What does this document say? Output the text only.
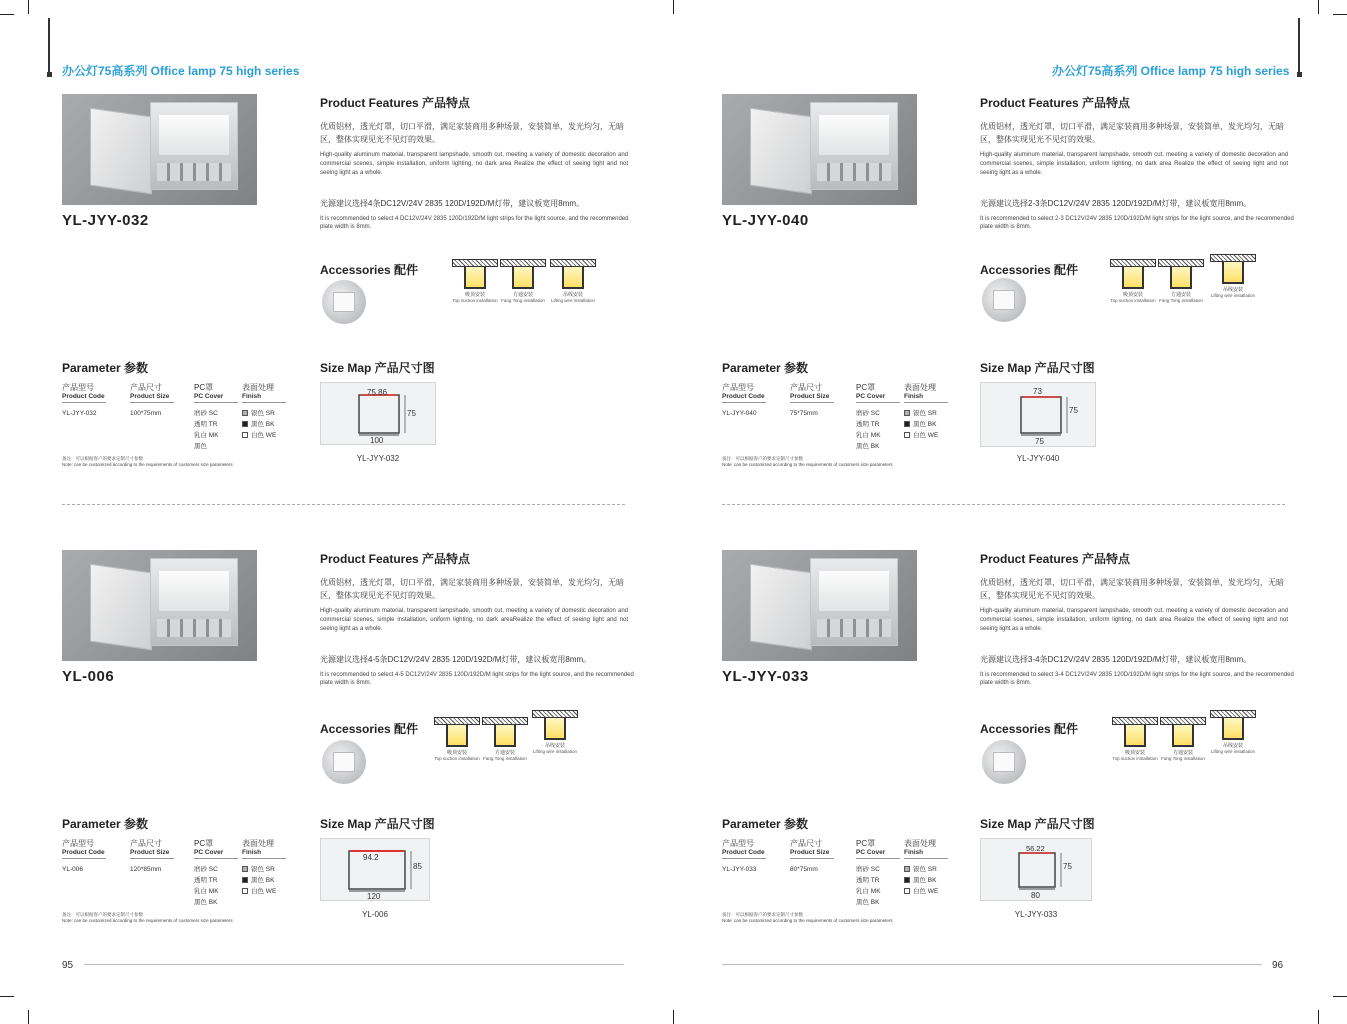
办公灯75高系列 Office lamp 75 high series
YL-JYY-032
Product Features 产品特点
优质铝材，透光灯罩，切口平滑，满足家装商用多种场景，安装简单，发光均匀，无暗区，整体实现见光不见灯的效果。
High-quality aluminum material, transparent lampshade, smooth cut, meeting a variety of domestic decoration and commercial scenes, simple installation, uniform lighting, no dark area Realize the effect of seeing light and not seeing light as a whole.
光源建议选择4条DC12V/24V 2835 120D/192D/M灯带，建议板宽用8mm。
It is recommended to select 4 DC12V/24V 2835 120D/192D/M light strips for the light source, and the recommended plate width is 8mm.
Accessories 配件
吸顶安装
Top suction installation
方通安装
Fang Tong installation
吊线安装
Lifting wire installation
Parameter 参数
产品型号
Product Code
YL-JYY-032
产品尺寸
Product Size
100*75mm
PC罩
PC Cover
磨砂 SC
透明 TR
乳白 MK
黑色
表面处理
Finish
银色 SR
黑色 BK
白色 WE
备注：可以根据客户的要求定制尺寸参数
Note: can be customized according to the requirements of customers size parameters
Size Map 产品尺寸图
75.86
75
100
YL-JYY-032
YL-006
Product Features 产品特点
优质铝材，透光灯罩，切口平滑，满足家装商用多种场景，安装简单，发光均匀，无暗区，整体实现见光不见灯的效果。
High-quality aluminum material, transparent lampshade, smooth cut, meeting a variety of domestic decoration and commercial scenes, simple installation, uniform lighting, no dark areaRealize the effect of seeing light and not seeing light as a whole.
光源建议选择4-5条DC12V/24V 2835 120D/192D/M灯带，建议板宽用8mm。
It is recommended to select 4-5 DC12V/24V 2835 120D/192D/M light strips for the light source, and the recommended plate width is 8mm.
Accessories 配件
吸顶安装
Top suction installation
方通安装
Fang Tong installation
吊线安装
Lifting wire installation
Parameter 参数
产品型号
Product Code
YL-006
产品尺寸
Product Size
120*85mm
PC罩
PC Cover
磨砂 SC
透明 TR
乳白 MK
黑色 BK
表面处理
Finish
银色 SR
黑色 BK
白色 WE
备注：可以根据客户的要求定制尺寸参数
Note: can be customized according to the requirements of customers size parameters
Size Map 产品尺寸图
94.2
85
120
YL-006
95
办公灯75高系列 Office lamp 75 high series
YL-JYY-040
Product Features 产品特点
优质铝材，透光灯罩，切口平滑，满足家装商用多种场景，安装简单，发光均匀，无暗区，整体实现见光不见灯的效果。
High-quality aluminum material, transparent lampshade, smooth cut, meeting a variety of domestic decoration and commercial scenes, simple installation, uniform lighting, no dark area Realize the effect of seeing light and not seeing light as a whole.
光源建议选择2-3条DC12V/24V 2835 120D/192D/M灯带，建议板宽用8mm。
It is recommended to select 2-3 DC12V/24V 2835 120D/192D/M light strips for the light source, and the recommended plate width is 8mm.
Accessories 配件
吸顶安装
Top suction installation
方通安装
Fang Tong installation
吊线安装
Lifting wire installation
Parameter 参数
产品型号
Product Code
YL-JYY-040
产品尺寸
Product Size
75*75mm
PC罩
PC Cover
磨砂 SC
透明 TR
乳白 MK
黑色 BK
表面处理
Finish
银色 SR
黑色 BK
白色 WE
备注：可以根据客户的要求定制尺寸参数
Note: can be customized according to the requirements of customers size parameters
Size Map 产品尺寸图
73
75
75
YL-JYY-040
YL-JYY-033
Product Features 产品特点
优质铝材，透光灯罩，切口平滑，满足家装商用多种场景，安装简单，发光均匀，无暗区，整体实现见光不见灯的效果。
High-quality aluminum material, transparent lampshade, smooth cut, meeting a variety of domestic decoration and commercial scenes, simple installation, uniform lighting, no dark area Realize the effect of seeing light and not seeing light as a whole.
光源建议选择3-4条DC12V/24V 2835 120D/192D/M灯带，建议板宽用8mm。
It is recommended to select 3-4 DC12V/24V 2835 120D/192D/M light strips for the light source, and the recommended plate width is 8mm.
Accessories 配件
吸顶安装
Top suction installation
方通安装
Fang Tong installation
吊线安装
Lifting wire installation
Parameter 参数
产品型号
Product Code
YL-JYY-033
产品尺寸
Product Size
80*75mm
PC罩
PC Cover
磨砂 SC
透明 TR
乳白 MK
黑色 BK
表面处理
Finish
银色 SR
黑色 BK
白色 WE
备注：可以根据客户的要求定制尺寸参数
Note: can be customized according to the requirements of customers size parameters
Size Map 产品尺寸图
56.22
75
80
YL-JYY-033
96
